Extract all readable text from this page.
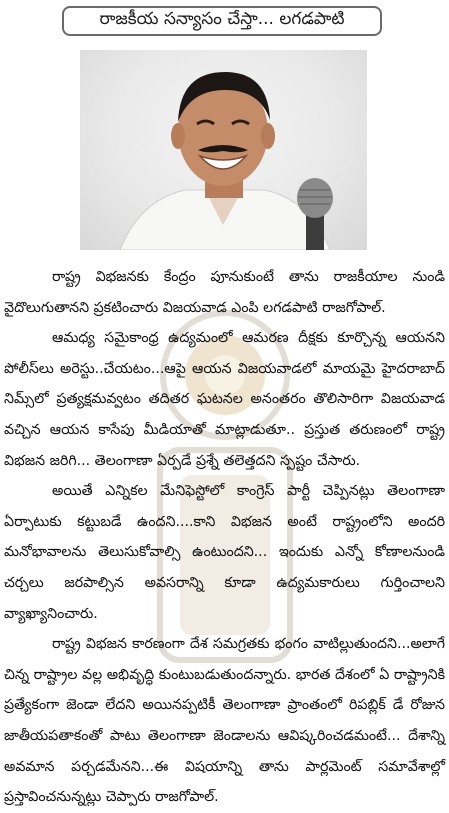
రాజకీయ సన్యాసం చేస్తా... లగడపాటి

రాష్ట్ర విభజనకు కేంద్రం పూనుకుంటే తాను రాజకీయాల నుండి వైదొలుగుతానని ప్రకటించారు విజయవాడ ఎంపి లగడపాటి రాజగోపాల్.

ఆమధ్య సమైకాంధ్ర ఉద్యమంలో ఆమరణ దీక్షకు కూర్చొన్న ఆయనని పోలీస్‌లు అరెస్టు..చేయటం...ఆపై ఆయన విజయవాడలో మాయమై హైదరాబాద్ నిమ్స్‌లో ప్రత్యక్షమవ్వటం తదితర ఘటనల అనంతరం తొలిసారిగా విజయవాడ వచ్చిన ఆయన కాసేపు మీడియాతో మాట్లాడుతూ.. ప్రస్తుత తరుణంలో రాష్ట్ర విభజన జరిగి... తెలంగాణా ఏర్పడే ప్రశ్నే తలెత్తదని స్పష్టం చేసారు.

అయితే ఎన్నికల మేనిఫెస్టోలో కాంగ్రెస్ పార్టీ చెప్పినట్లు తెలంగాణా ఏర్పాటుకు కట్టుబడే ఉందని....కాని విభజన అంటే రాష్ట్రంలోని అందరి మనోభావాలను తెలుసుకోవాల్సి ఉంటుందని... ఇందుకు ఎన్నో కోణాలనుండి చర్చలు జరపాల్సిన అవసరాన్ని కూడా ఉద్యమకారులు గుర్తించాలని వ్యాఖ్యానించారు.

రాష్ట్ర విభజన కారణంగా దేశ సమగ్రతకు భంగం వాటిల్లుతుందని...అలాగే చిన్న రాష్ట్రాల వల్ల అభివృద్ధి కుంటుబడుతుందన్నారు. భారత దేశంలో ఏ రాష్ట్రానికి ప్రత్యేకంగా జెండా లేదని అయినప్పటికీ తెలంగాణా ప్రాంతంలో రిపబ్లిక్ డే రోజున జాతీయపతాకంతో పాటు తెలంగాణా జెండాలను ఆవిష్కరించడమంటే... దేశాన్ని అవమాన పర్చడమేనని...ఈ విషయాన్ని తాను పార్లమెంట్ సమావేశాల్లో ప్రస్తావించనున్నట్లు చెప్పారు రాజగోపాల్.
